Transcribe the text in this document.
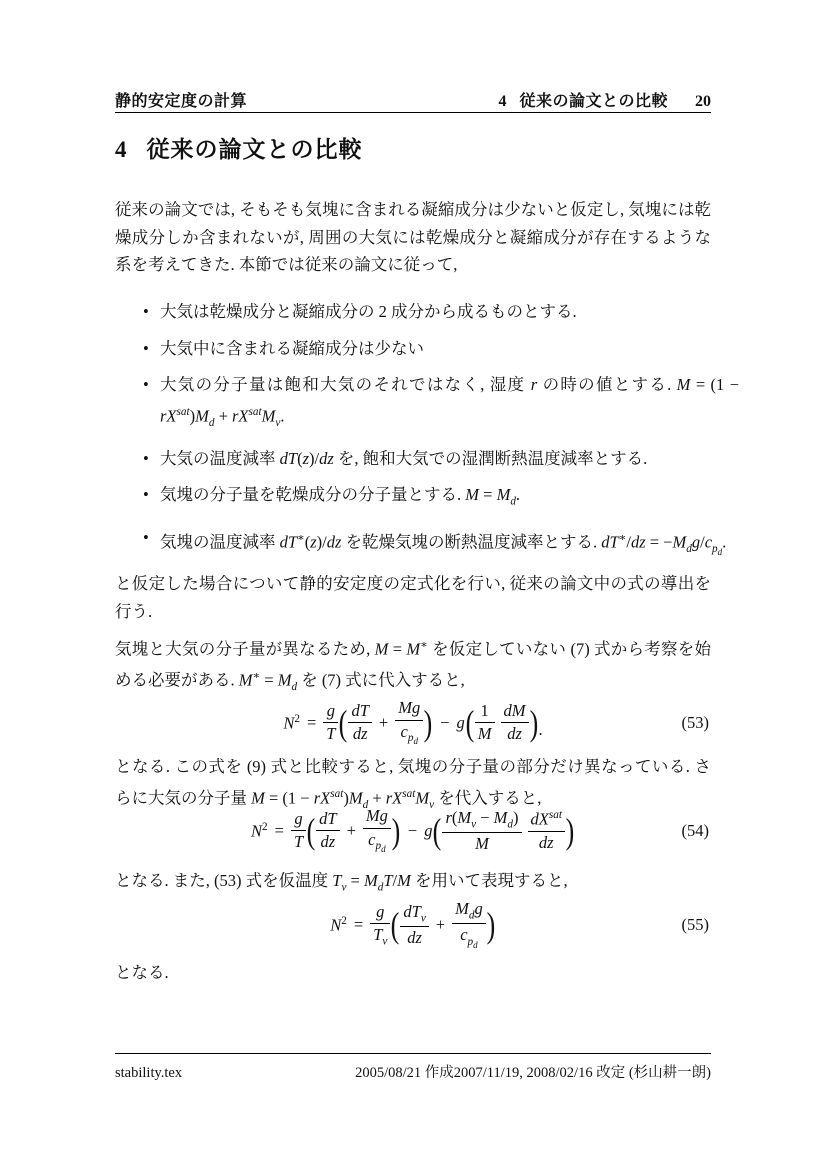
静的安定度の計算	4 従来の論文との比較 20
4 従来の論文との比較

従来の論文では, そもそも気塊に含まれる凝縮成分は少ないと仮定し, 気塊には乾燥成分しか含まれないが, 周囲の大気には乾燥成分と凝縮成分が存在するような系を考えてきた. 本節では従来の論文に従って,

• 大気は乾燥成分と凝縮成分の 2 成分から成るものとする.
• 大気中に含まれる凝縮成分は少ない
• 大気の分子量は飽和大気のそれではなく, 湿度 r の時の値とする. $M = (1 - rX^{sat})M_d + rX^{sat}M_v$.
• 大気の温度減率 dT(z)/dz を, 飽和大気での湿潤断熱温度減率とする.
• 気塊の分子量を乾燥成分の分子量とする. $M = M_d$.
• 気塊の温度減率 dT∗(z)/dz を乾燥気塊の断熱温度減率とする. $dT^∗/dz = -M_dg/c_{p_d}$.

と仮定した場合について静的安定度の定式化を行い, 従来の論文中の式の導出を行う.

気塊と大気の分子量が異なるため, M = M∗ を仮定していない (7) 式から考察を始める必要がある. $M^∗ = M_d$ を (7) 式に代入すると,

$N^2 = \frac{g}{T}$ ( dT
dz
+
Mg
$c_{p_d}$ ) − g ( 1
M
dM
dz ) .	(53)

となる. この式を (9) 式と比較すると, 気塊の分子量の部分だけ異なっている. さらに大気の分子量 $M = (1 - rX^{sat})M_d + rX^{sat}M_v$ を代入すると,

$N^2 = \frac{g}{T}$ ( dT
dz
+
Mg
$c_{p_d}$ ) − g ( $r(M_v - M_d)$
M
$dX^{sat}$
dz )	(54)

となる. また, (53) 式を仮温度 $T_v = M_dT/M$ を用いて表現すると,

$N^2 = \frac{g}{T_v}$ ( $dT_v$
dz
+
$M_dg$
$c_{p_d}$ )	(55)

となる.

stability.tex	2005/08/21 作成2007/11/19, 2008/02/16 改定 (杉山耕一朗)
